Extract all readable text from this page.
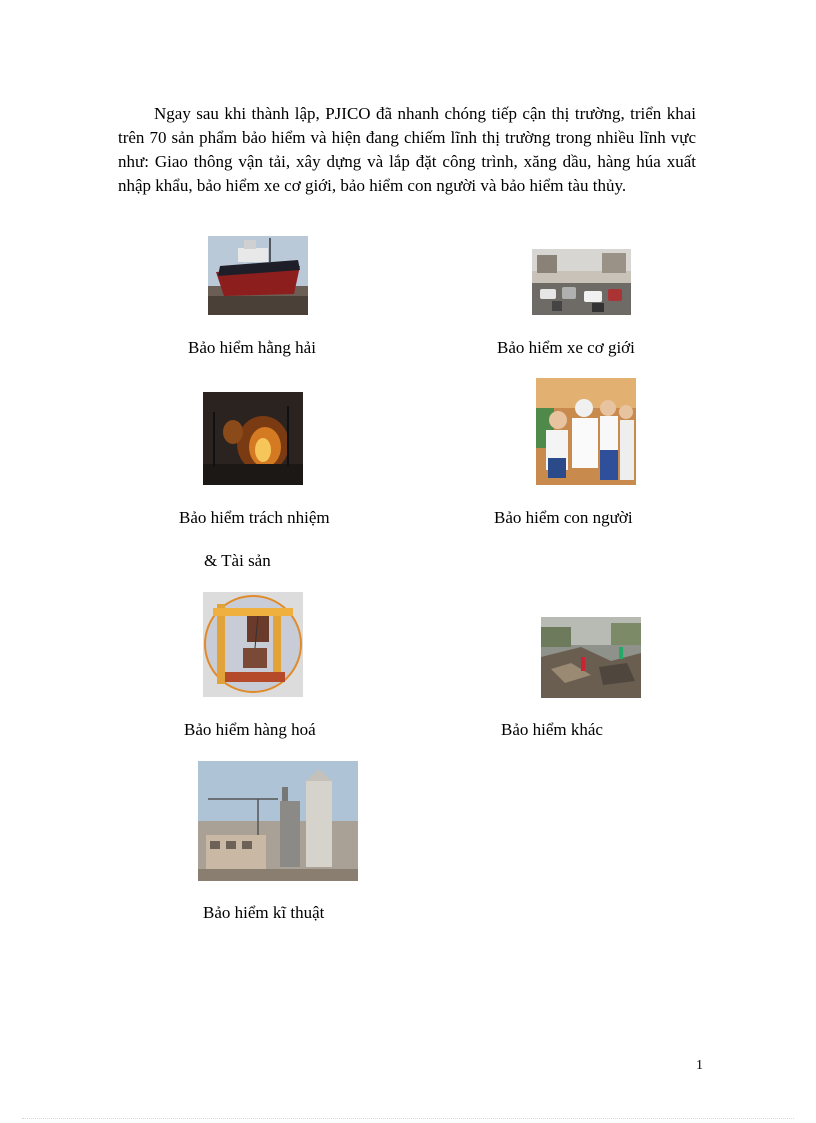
Ngay sau khi thành lập, PJICO đã nhanh chóng tiếp cận thị trường, triển khai trên 70 sản phẩm bảo hiểm và hiện đang chiếm lĩnh thị trường trong nhiều lĩnh vực như: Giao thông vận tải, xây dựng và lắp đặt công trình, xăng dầu, hàng húa xuất nhập khẩu, bảo hiểm xe cơ giới, bảo hiểm con người và bảo hiểm tàu thủy.

Bảo hiểm hằng hải	Bảo hiểm xe cơ giới

Bảo hiểm trách nhiệm

& Tài sản

Bảo hiểm con người

Bảo hiểm hàng hoá	Bảo hiểm khác

Bảo hiểm kĩ thuật

1
